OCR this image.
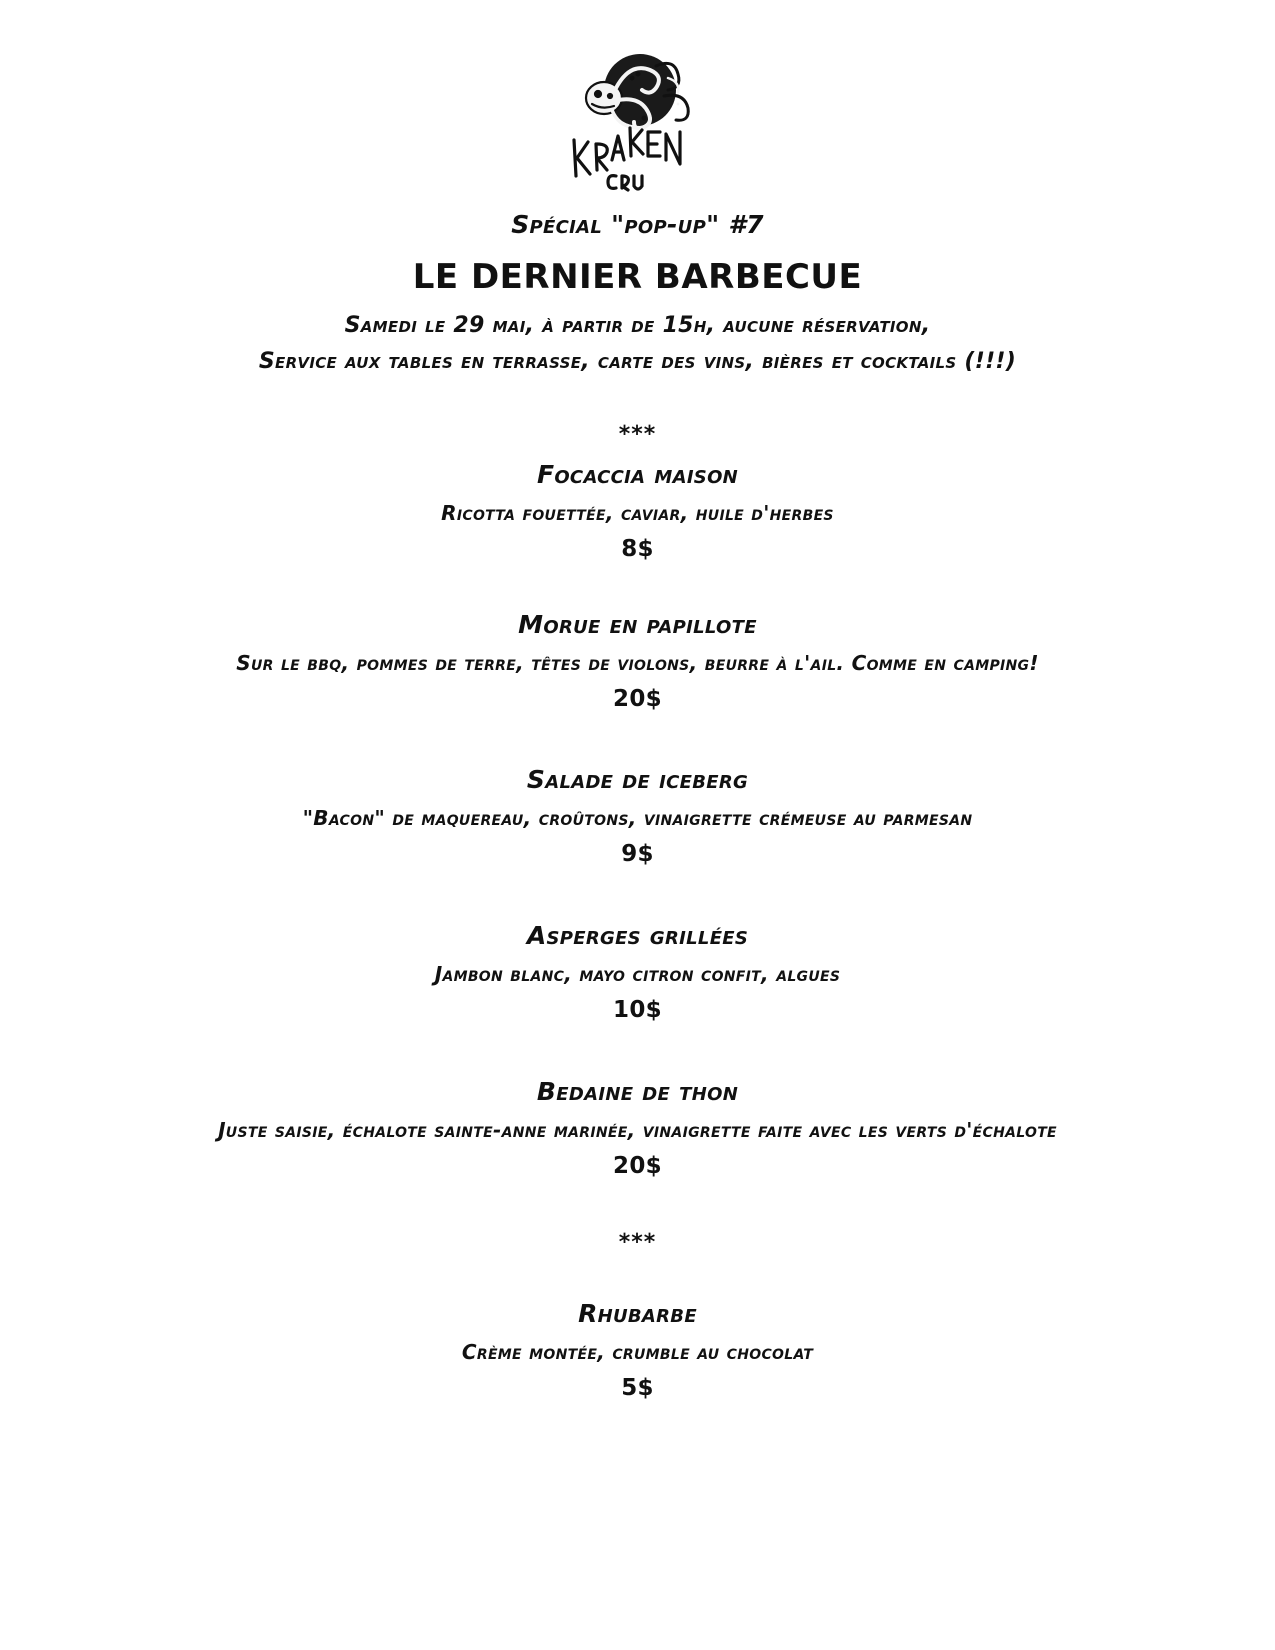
Spécial "pop-up" #7
LE DERNIER BARBECUE
Samedi le 29 mai, à partir de 15h, aucune réservation,
Service aux tables en terrasse, carte des vins, bières et cocktails (!!!)
***
Focaccia maison
Ricotta fouettée, caviar, huile d'herbes
8$
Morue en papillote
Sur le bbq, pommes de terre, têtes de violons, beurre à l'ail. Comme en camping!
20$
Salade de iceberg
"Bacon" de maquereau, croûtons, vinaigrette crémeuse au parmesan
9$
Asperges grillées
Jambon blanc, mayo citron confit, algues
10$
Bedaine de thon
Juste saisie, échalote sainte-anne marinée, vinaigrette faite avec les verts d'échalote
20$
***
Rhubarbe
Crème montée, crumble au chocolat
5$
